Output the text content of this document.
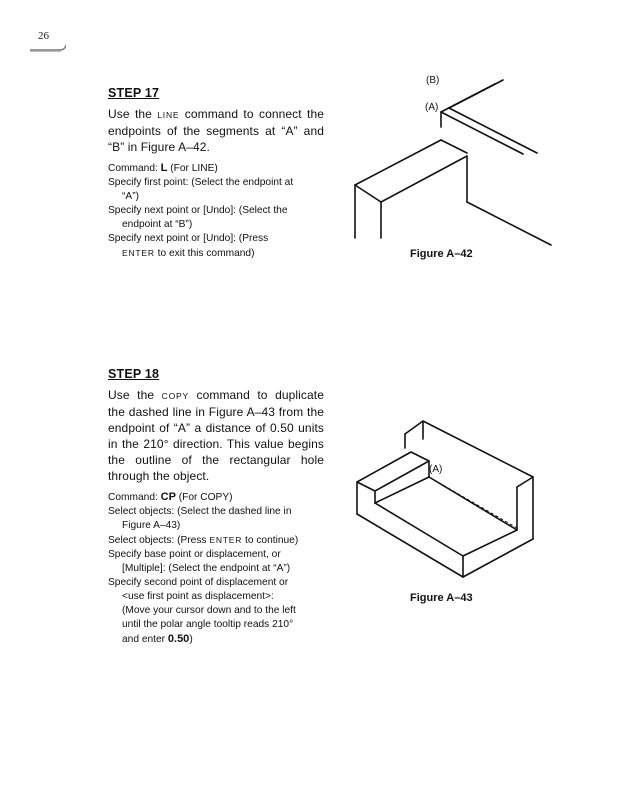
26
STEP 17

Use the LINE command to connect the endpoints of the segments at “A” and “B” in Figure A–42.

Command: L (For LINE)

Specify first point: (Select the endpoint at

“A”)

Specify next point or [Undo]: (Select the

endpoint at “B”)

Specify next point or [Undo]: (Press

ENTER to exit this command)

(A)
(B)
Figure A–42
STEP 18

Use the COPY command to duplicate the dashed line in Figure A–43 from the endpoint of “A” a distance of 0.50 units in the 210° direction. This value begins the outline of the rectangular hole through the object.

Command: CP (For COPY)

Select objects: (Select the dashed line in

Figure A–43)

Select objects: (Press ENTER to continue)

Specify base point or displacement, or

[Multiple]: (Select the endpoint at “A”)

Specify second point of displacement or

<use first point as displacement>:

(Move your cursor down and to the left

until the polar angle tooltip reads 210°

and enter 0.50)

(A)
Figure A–43
